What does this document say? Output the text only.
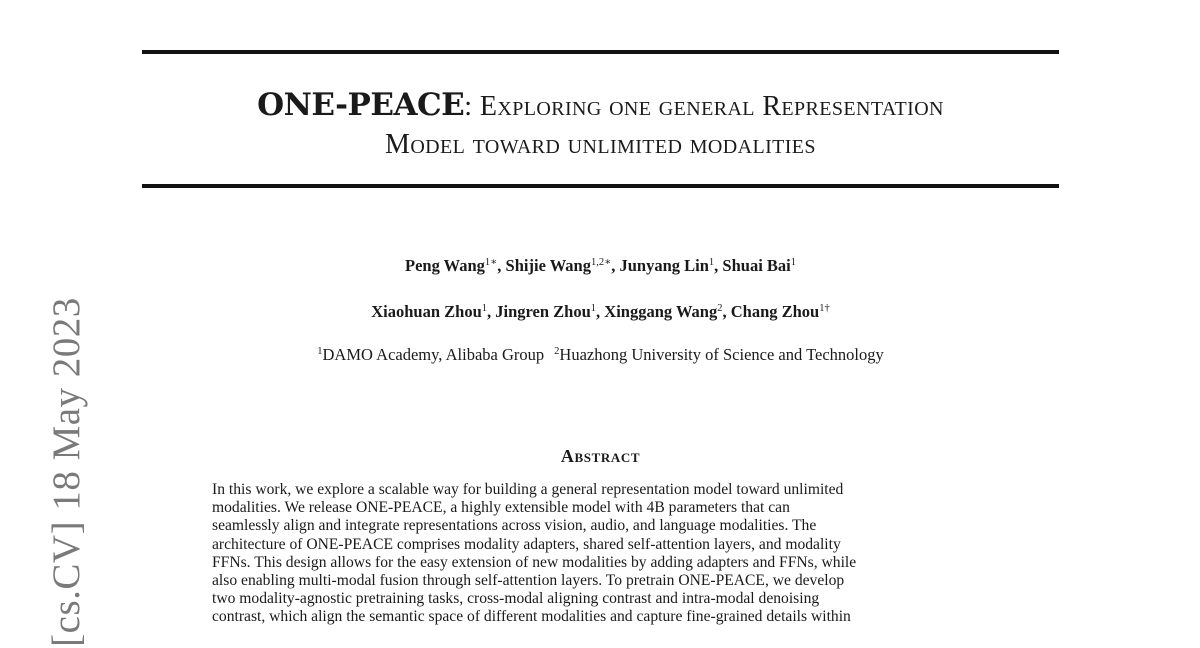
ONE-PEACE: Exploring one general Representation
Model toward unlimited modalities
Peng Wang$^{1∗}$, Shijie Wang$^{1,2∗}$, Junyang Lin$^1$, Shuai Bai$^1$
Xiaohuan Zhou$^1$, Jingren Zhou$^1$, Xinggang Wang$^2$, Chang Zhou$^{1\dagger}$
$^1$DAMO Academy, Alibaba Group $^2$Huazhong University of Science and Technology
Abstract
In this work, we explore a scalable way for building a general representation model toward unlimited
modalities. We release ONE-PEACE, a highly extensible model with 4B parameters that can
seamlessly align and integrate representations across vision, audio, and language modalities. The
architecture of ONE-PEACE comprises modality adapters, shared self-attention layers, and modality
FFNs. This design allows for the easy extension of new modalities by adding adapters and FFNs, while
also enabling multi-modal fusion through self-attention layers. To pretrain ONE-PEACE, we develop
two modality-agnostic pretraining tasks, cross-modal aligning contrast and intra-modal denoising
contrast, which align the semantic space of different modalities and capture fine-grained details within
[cs.CV] 18 May 2023
